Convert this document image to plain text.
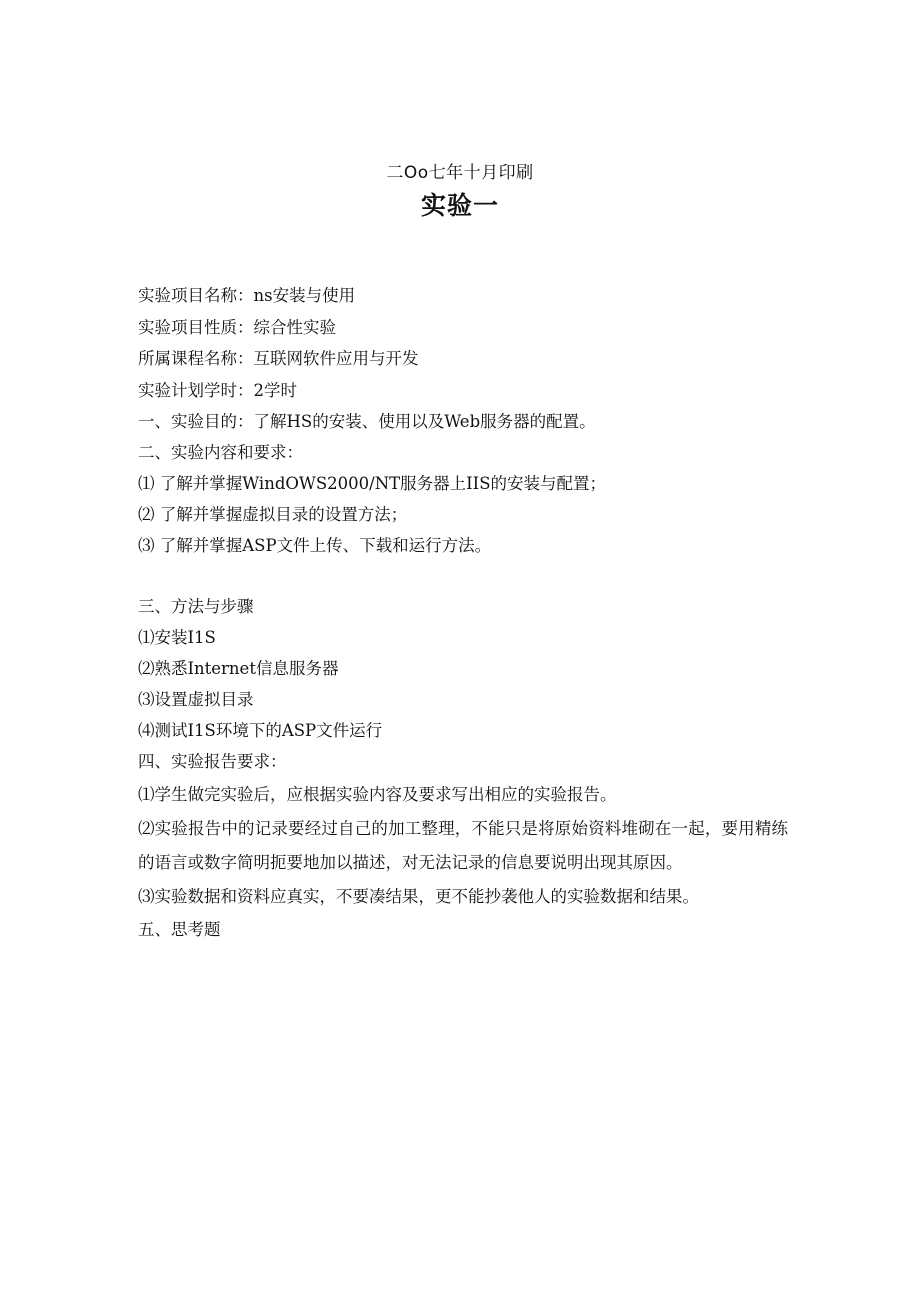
二Oo七年十月印刷
实验一
实验项目名称：ns安装与使用
实验项目性质：综合性实验
所属课程名称：互联网软件应用与开发
实验计划学时：2学时
一、实验目的：了解HS的安装、使用以及Web服务器的配置。
二、实验内容和要求：
⑴ 了解并掌握WindOWS2000/NT服务器上IIS的安装与配置；
⑵ 了解并掌握虚拟目录的设置方法；
⑶ 了解并掌握ASP文件上传、下载和运行方法。
三、方法与步骤
⑴安装I1S
⑵熟悉Internet信息服务器
⑶设置虚拟目录
⑷测试I1S环境下的ASP文件运行
四、实验报告要求：
⑴学生做完实验后，应根据实验内容及要求写出相应的实验报告。
⑵实验报告中的记录要经过自己的加工整理，不能只是将原始资料堆砌在一起，要用精练的语言或数字简明扼要地加以描述，对无法记录的信息要说明出现其原因。
⑶实验数据和资料应真实，不要凑结果，更不能抄袭他人的实验数据和结果。
五、思考题
